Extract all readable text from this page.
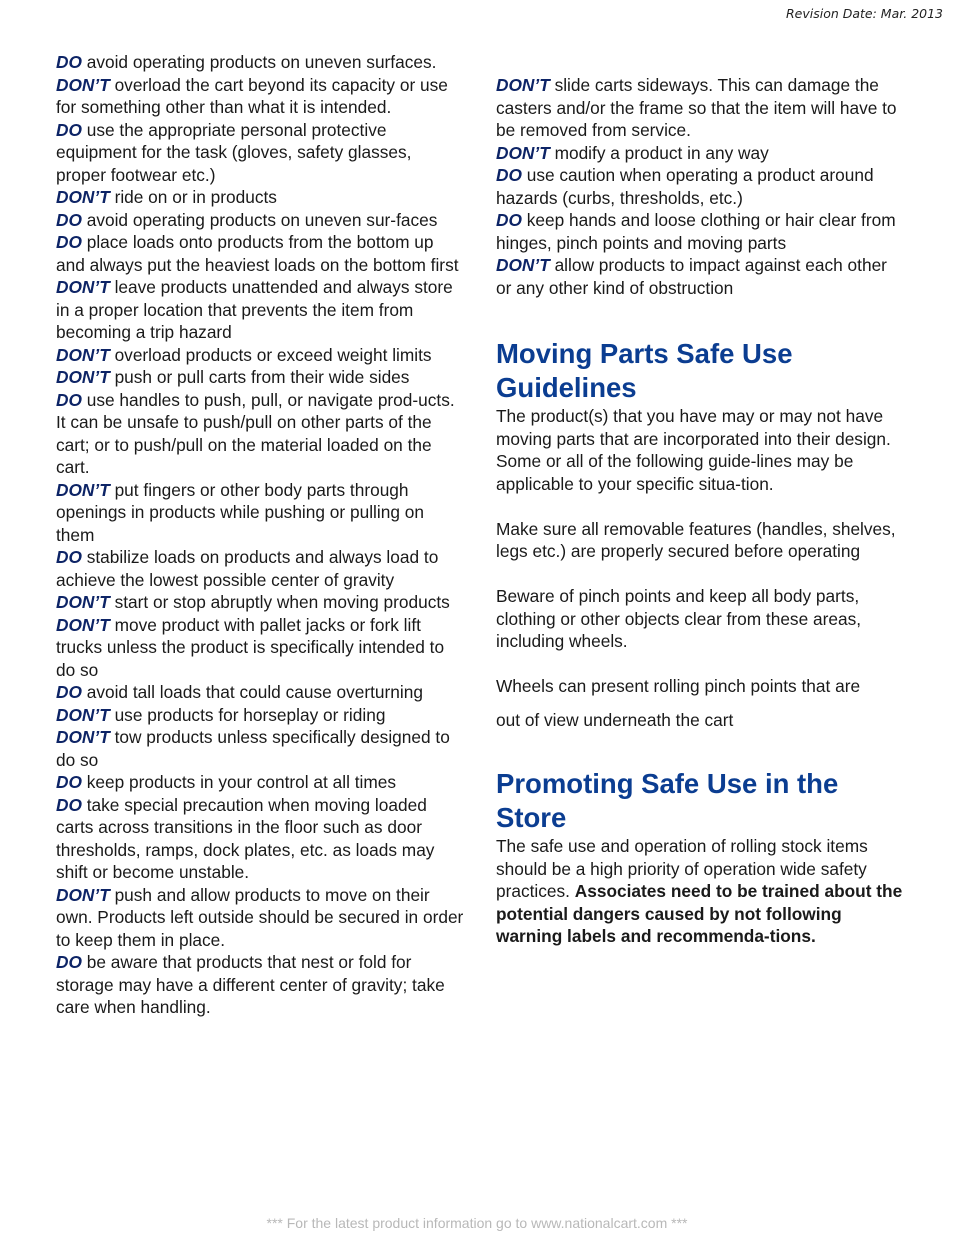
Revision Date: Mar. 2013
DO avoid operating products on uneven surfaces.
DON’T overload the cart beyond its capacity or use for something other than what it is intended.
DO use the appropriate personal protective equipment for the task (gloves, safety glasses, proper footwear etc.)
DON’T ride on or in products
DO avoid operating products on uneven sur-faces
DO place loads onto products from the bottom up and always put the heaviest loads on the bottom first
DON’T leave products unattended and always store in a proper location that prevents the item from becoming a trip hazard
DON’T overload products or exceed weight limits
DON’T push or pull carts from their wide sides
DO use handles to push, pull, or navigate prod-ucts. It can be unsafe to push/pull on other parts of the cart; or to push/pull on the material loaded on the cart.
DON’T put fingers or other body parts through openings in products while pushing or pulling on them
DO stabilize loads on products and always load to achieve the lowest possible center of gravity
DON’T start or stop abruptly when moving products
DON’T move product with pallet jacks or fork lift trucks unless the product is specifically intended to do so
DO avoid tall loads that could cause overturning
DON’T use products for horseplay or riding
DON’T tow products unless specifically designed to do so
DO keep products in your control at all times
DO take special precaution when moving loaded carts across transitions in the floor such as door thresholds, ramps, dock plates, etc. as loads may shift or become unstable.
DON’T push and allow products to move on their own. Products left outside should be secured in order to keep them in place.
DO be aware that products that nest or fold for storage may have a different center of gravity; take care when handling.
DON’T slide carts sideways. This can damage the casters and/or the frame so that the item will have to be removed from service.
DON’T modify a product in any way
DO use caution when operating a product around hazards (curbs, thresholds, etc.)
DO keep hands and loose clothing or hair clear from hinges, pinch points and moving parts
DON’T allow products to impact against each other or any other kind of obstruction
Moving Parts Safe Use Guidelines

The product(s) that you have may or may not have moving parts that are incorporated into their design. Some or all of the following guide-lines may be applicable to your specific situa-tion.

Make sure all removable features (handles, shelves, legs etc.) are properly secured before operating

Beware of pinch points and keep all body parts, clothing or other objects clear from these areas, including wheels.

Wheels can present rolling pinch points that are

out of view underneath the cart

Promoting Safe Use in the Store

The safe use and operation of rolling stock items should be a high priority of operation wide safety practices. Associates need to be trained about the potential dangers caused by not following warning labels and recommenda-tions.

*** For the latest product information go to www.nationalcart.com ***
